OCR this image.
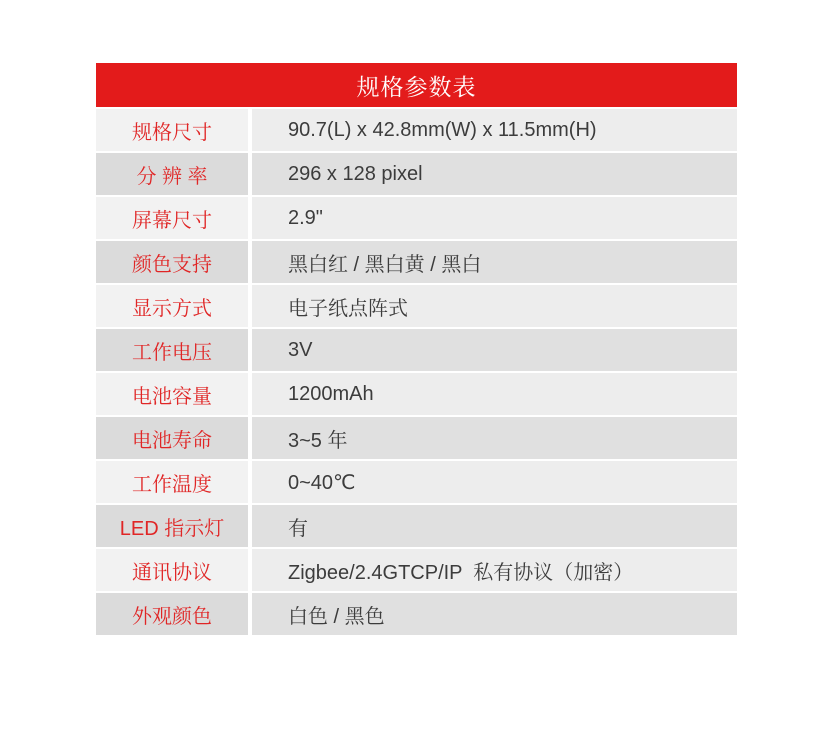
规格参数表
规格尺寸	90.7(L) x 42.8mm(W) x 11.5mm(H)
分 辨 率	296 x 128 pixel
屏幕尺寸	2.9"
颜色支持	黑白红 / 黑白黄 / 黑白
显示方式	电子纸点阵式
工作电压	3V
电池容量	1200mAh
电池寿命	3~5 年
工作温度	0~40℃
LED 指示灯	有
通讯协议	Zigbee/2.4GTCP/IP  私有协议（加密）
外观颜色	白色 / 黑色
